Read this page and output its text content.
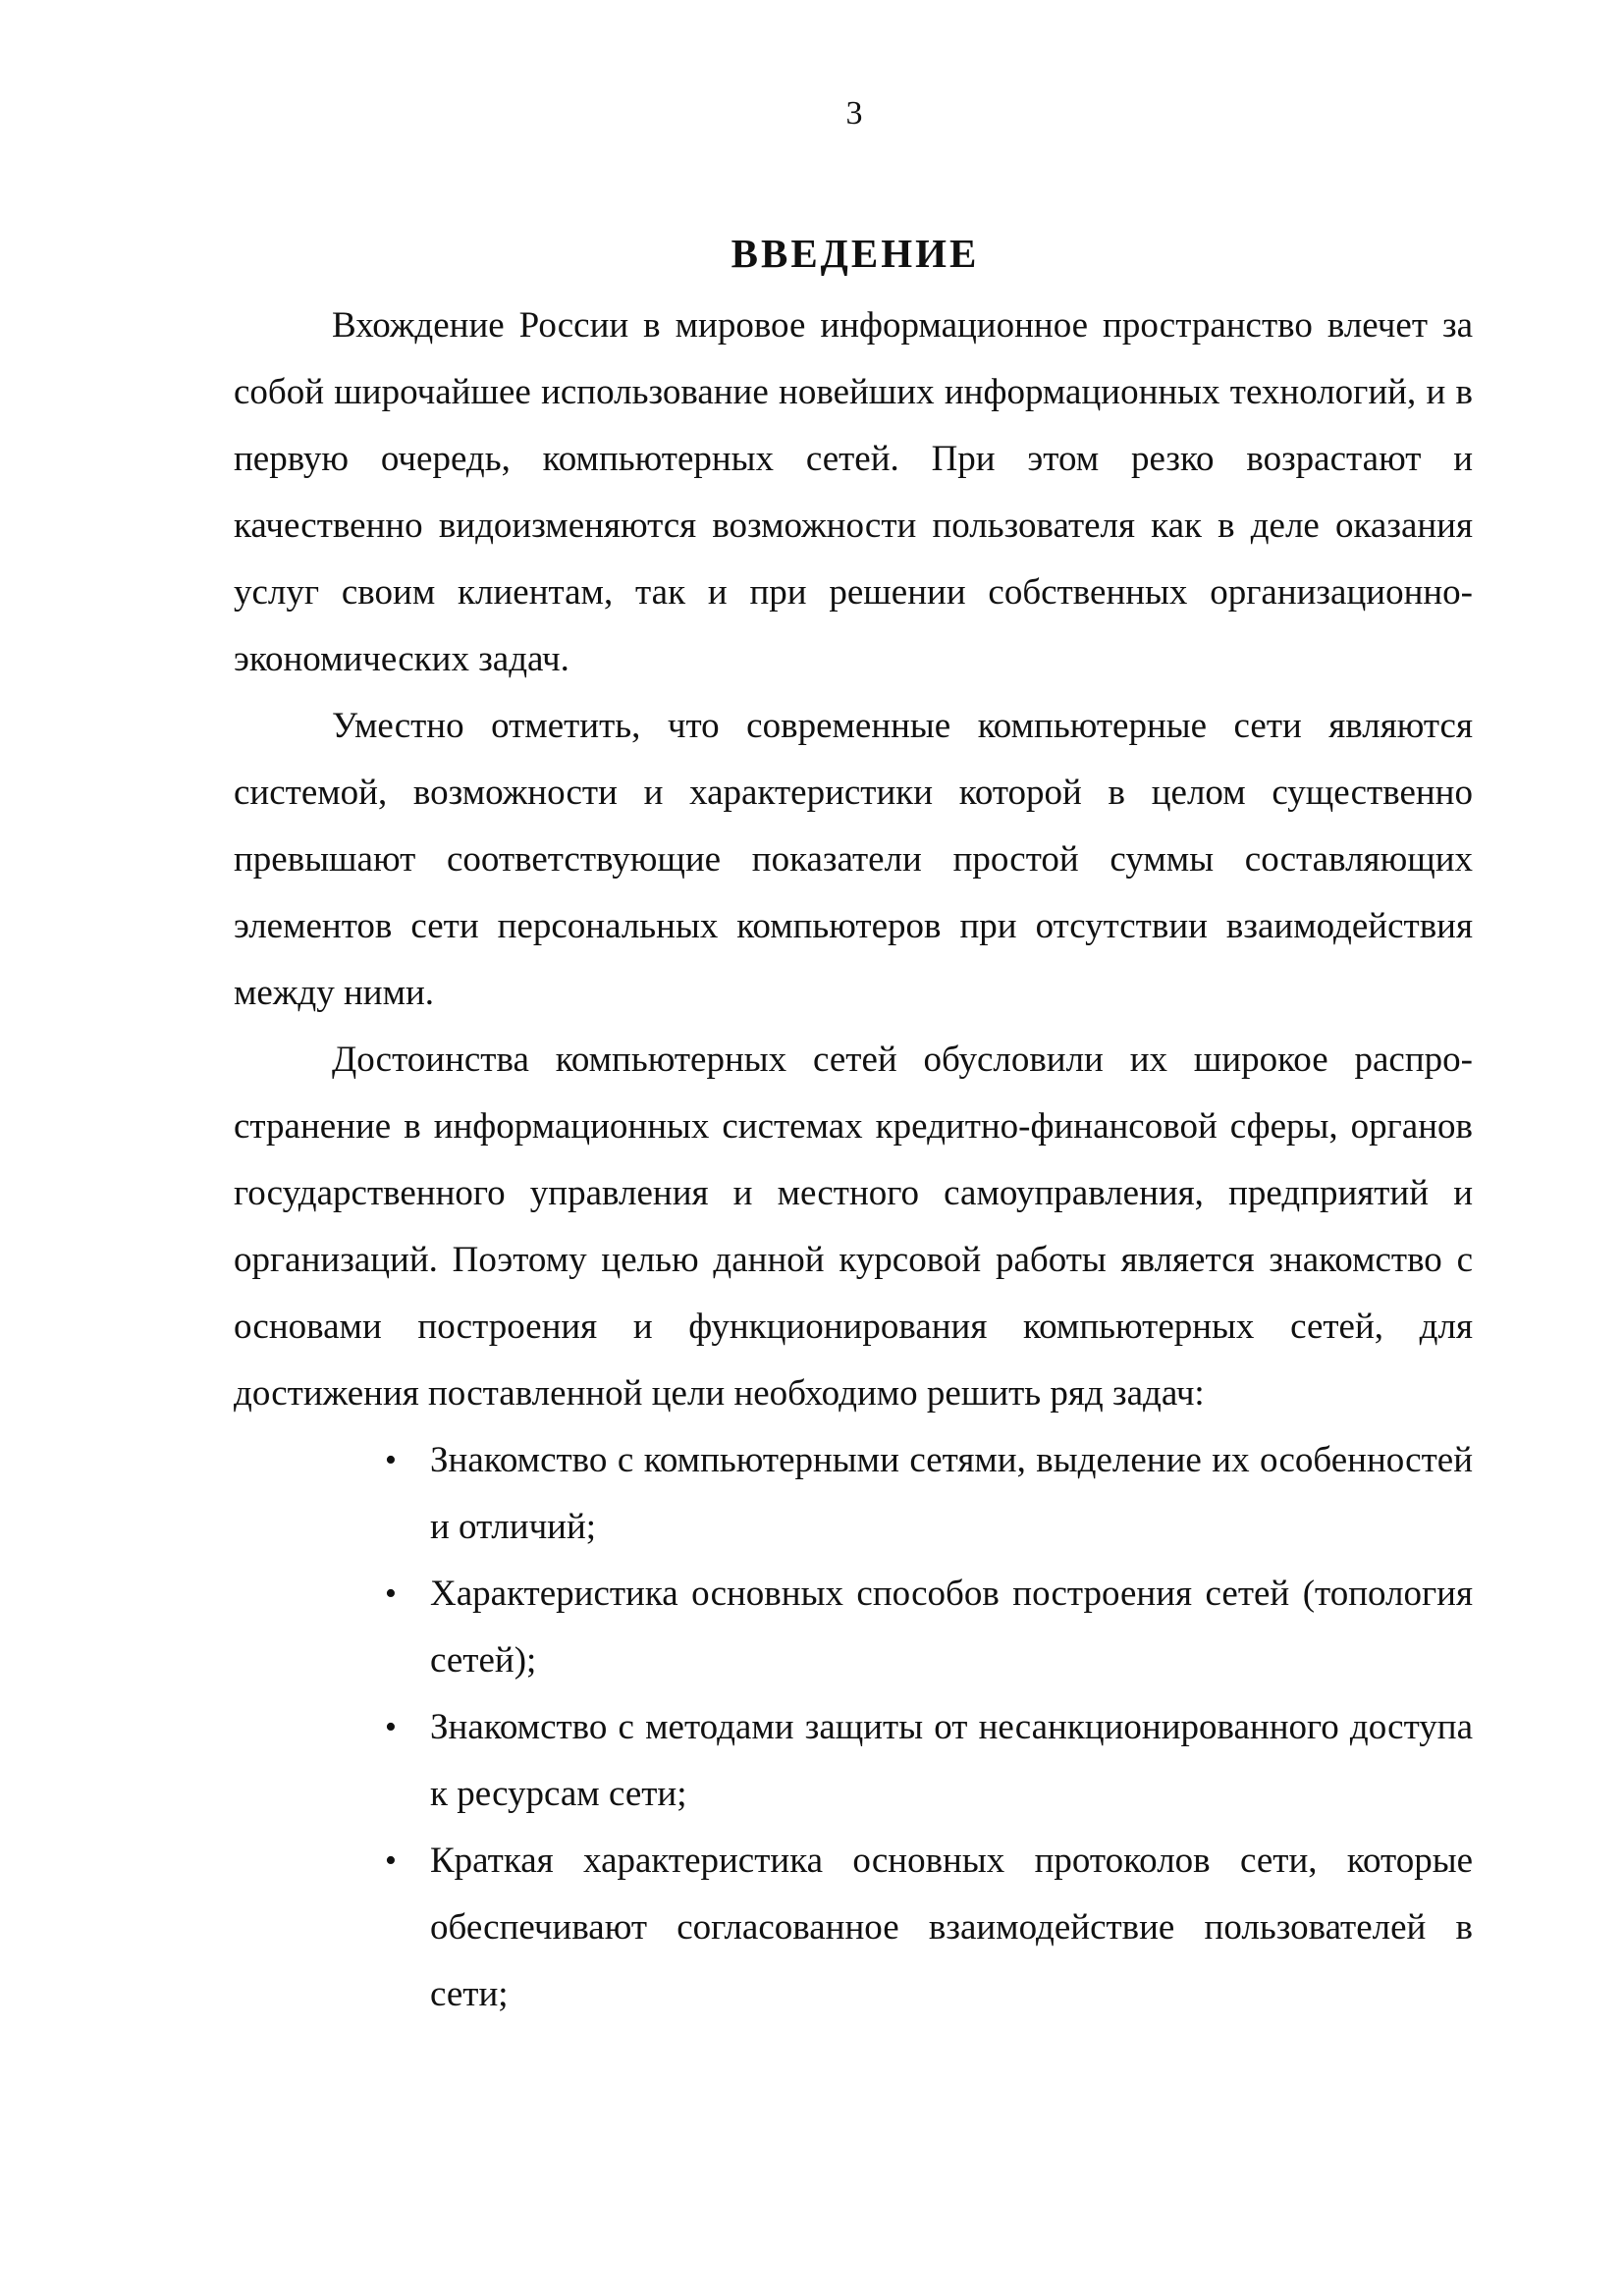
3
ВВЕДЕНИЕ

Вхождение России в мировое информационное пространство влечет за собой широчайшее использование новейших информационных технологий, и в первую очередь, компьютерных сетей. При этом резко возрастают и качественно видоизменяются возможности пользователя как в деле оказания услуг своим клиентам, так и при решении собственных организационно-экономических задач.

Уместно отметить, что современные компьютерные сети являются системой, возможности и характеристики которой в целом существенно превышают соответствующие показатели простой суммы составляющих элементов сети персональных компьютеров при отсутствии взаимодействия между ними.

Достоинства компьютерных сетей обусловили их широкое распространение в информационных системах кредитно-финансовой сферы, органов государственного управления и местного самоуправления, предприятий и организаций. Поэтому целью данной курсовой работы является знакомство с основами построения и функционирования компьютерных сетей, для достижения поставленной цели необходимо решить ряд задач:

• Знакомство с компьютерными сетями, выделение их особенностей и отличий;
• Характеристика основных способов построения сетей (топология сетей);
• Знакомство с методами защиты от несанкционированного доступа к ресурсам сети;
• Краткая характеристика основных протоколов сети, которые обеспечивают согласованное взаимодействие пользователей в сети;
